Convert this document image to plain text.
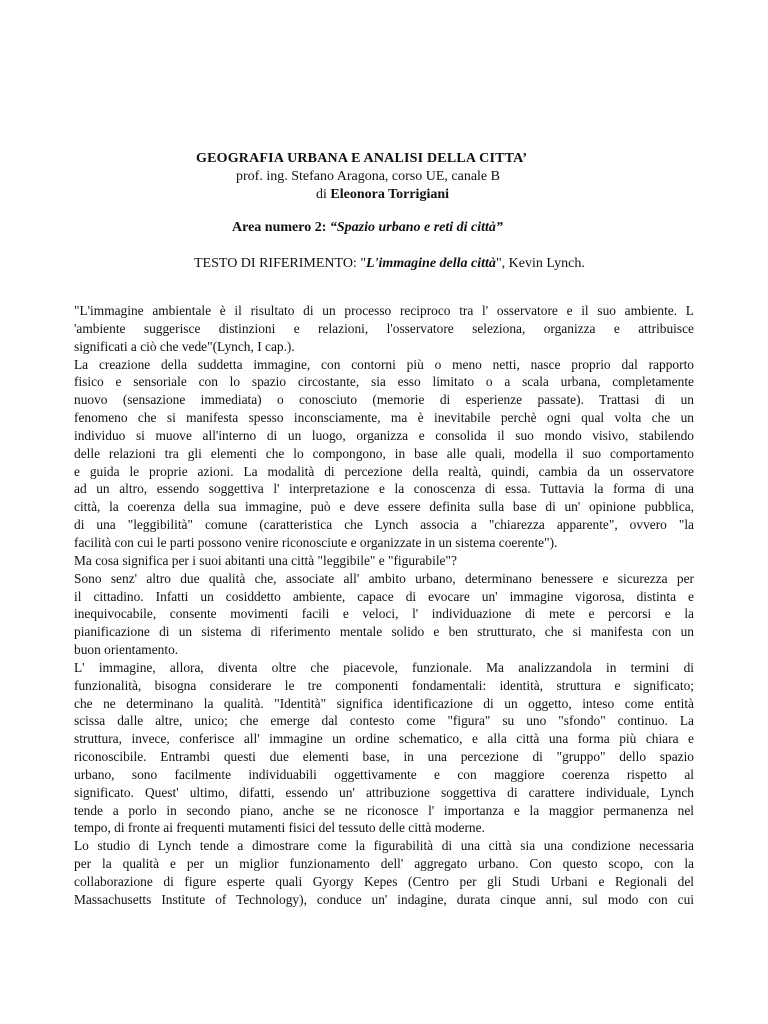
GEOGRAFIA URBANA E ANALISI DELLA CITTA’
prof. ing. Stefano Aragona, corso UE, canale B
di Eleonora Torrigiani
Area numero 2: “Spazio urbano e reti di città”
TESTO DI RIFERIMENTO: "L'immagine della città", Kevin Lynch.
"L'immagine ambientale è il risultato di un processo reciproco tra l' osservatore e il suo ambiente. L
'ambiente suggerisce distinzioni e relazioni, l'osservatore seleziona, organizza e attribuisce
significati a ciò che vede"(Lynch, I cap.).
La creazione della suddetta immagine, con contorni più o meno netti, nasce proprio dal rapporto
fisico e sensoriale con lo spazio circostante, sia esso limitato o a scala urbana, completamente
nuovo (sensazione immediata) o conosciuto (memorie di esperienze passate). Trattasi di un
fenomeno che si manifesta spesso inconsciamente, ma è inevitabile perchè ogni qual volta che un
individuo si muove all'interno di un luogo, organizza e consolida il suo mondo visivo, stabilendo
delle relazioni tra gli elementi che lo compongono, in base alle quali, modella il suo comportamento
e guida le proprie azioni. La modalità di percezione della realtà, quindi, cambia da un osservatore
ad un altro, essendo soggettiva l' interpretazione e la conoscenza di essa. Tuttavia la forma di una
città, la coerenza della sua immagine, può e deve essere definita sulla base di un' opinione pubblica,
di una "leggibilità" comune (caratteristica che Lynch associa a "chiarezza apparente", ovvero "la
facilità con cui le parti possono venire riconosciute e organizzate in un sistema coerente").
Ma cosa significa per i suoi abitanti una città "leggibile" e "figurabile"?
Sono senz' altro due qualità che, associate all' ambito urbano, determinano benessere e sicurezza per
il cittadino. Infatti un cosiddetto ambiente, capace di evocare un' immagine vigorosa, distinta e
inequivocabile, consente movimenti facili e veloci, l' individuazione di mete e percorsi e la
pianificazione di un sistema di riferimento mentale solido e ben strutturato, che si manifesta con un
buon orientamento.
L' immagine, allora, diventa oltre che piacevole, funzionale. Ma analizzandola in termini di
funzionalità, bisogna considerare le tre componenti fondamentali: identità, struttura e significato;
che ne determinano la qualità. "Identità" significa identificazione di un oggetto, inteso come entità
scissa dalle altre, unico; che emerge dal contesto come "figura" su uno "sfondo" continuo. La
struttura, invece, conferisce all' immagine un ordine schematico, e alla città una forma più chiara e
riconoscibile. Entrambi questi due elementi base, in una percezione di "gruppo" dello spazio
urbano, sono facilmente individuabili oggettivamente e con maggiore coerenza rispetto al
significato. Quest' ultimo, difatti, essendo un' attribuzione soggettiva di carattere individuale, Lynch
tende a porlo in secondo piano, anche se ne riconosce l' importanza e la maggior permanenza nel
tempo, di fronte ai frequenti mutamenti fisici del tessuto delle città moderne.
Lo studio di Lynch tende a dimostrare come la figurabilità di una città sia una condizione necessaria
per la qualità e per un miglior funzionamento dell' aggregato urbano. Con questo scopo, con la
collaborazione di figure esperte quali Gyorgy Kepes (Centro per gli Studi Urbani e Regionali del
Massachusetts Institute of Technology), conduce un' indagine, durata cinque anni, sul modo con cui
